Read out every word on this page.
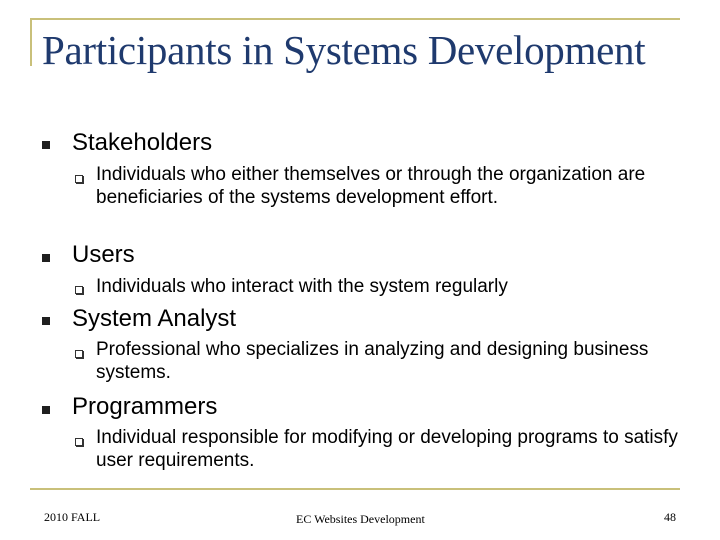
Participants in Systems Development
Stakeholders
Individuals who either themselves or through the organization are beneficiaries of the systems development effort.
Users
Individuals who interact with the system regularly
System Analyst
Professional who specializes in analyzing and designing business systems.
Programmers
Individual responsible for modifying or developing programs to satisfy user requirements.
2010 FALL	EC Websites Development	48
